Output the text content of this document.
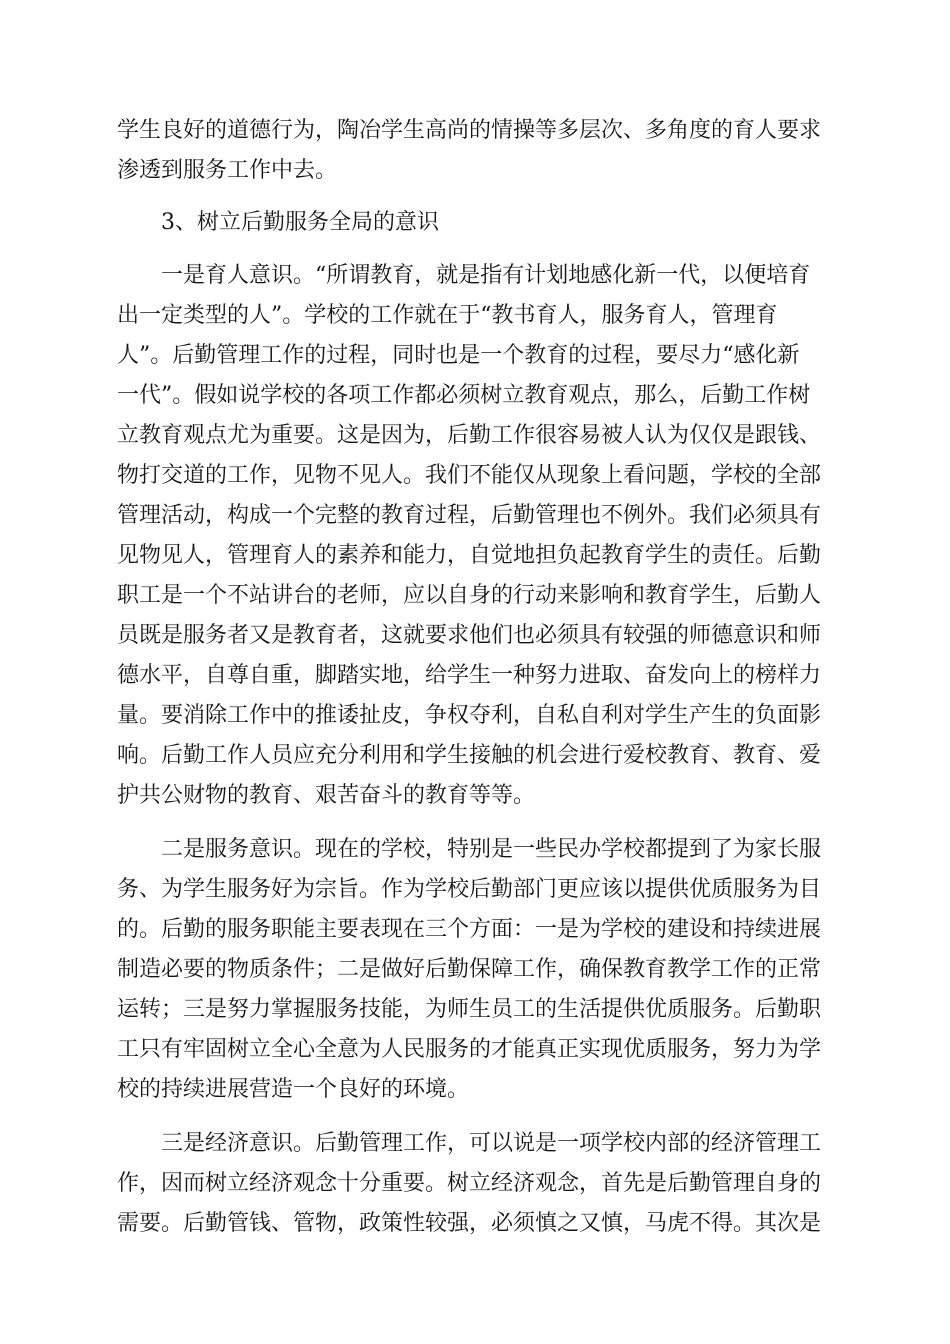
学生良好的道德行为，陶冶学生高尚的情操等多层次、多角度的育人要求
渗透到服务工作中去。
3、树立后勤服务全局的意识
一是育人意识。“所谓教育，就是指有计划地感化新一代，以便培育
出一定类型的人”。学校的工作就在于“教书育人，服务育人，管理育
人”。后勤管理工作的过程，同时也是一个教育的过程，要尽力“感化新
一代”。假如说学校的各项工作都必须树立教育观点，那么，后勤工作树
立教育观点尤为重要。这是因为，后勤工作很容易被人认为仅仅是跟钱、
物打交道的工作，见物不见人。我们不能仅从现象上看问题，学校的全部
管理活动，构成一个完整的教育过程，后勤管理也不例外。我们必须具有
见物见人，管理育人的素养和能力，自觉地担负起教育学生的责任。后勤
职工是一个不站讲台的老师，应以自身的行动来影响和教育学生，后勤人
员既是服务者又是教育者，这就要求他们也必须具有较强的师德意识和师
德水平，自尊自重，脚踏实地，给学生一种努力进取、奋发向上的榜样力
量。要消除工作中的推诿扯皮，争权夺利，自私自利对学生产生的负面影
响。后勤工作人员应充分利用和学生接触的机会进行爱校教育、教育、爱
护共公财物的教育、艰苦奋斗的教育等等。
二是服务意识。现在的学校，特别是一些民办学校都提到了为家长服
务、为学生服务好为宗旨。作为学校后勤部门更应该以提供优质服务为目
的。后勤的服务职能主要表现在三个方面：一是为学校的建设和持续进展
制造必要的物质条件；二是做好后勤保障工作，确保教育教学工作的正常
运转；三是努力掌握服务技能，为师生员工的生活提供优质服务。后勤职
工只有牢固树立全心全意为人民服务的才能真正实现优质服务，努力为学
校的持续进展营造一个良好的环境。
三是经济意识。后勤管理工作，可以说是一项学校内部的经济管理工
作，因而树立经济观念十分重要。树立经济观念，首先是后勤管理自身的
需要。后勤管钱、管物，政策性较强，必须慎之又慎，马虎不得。其次是
